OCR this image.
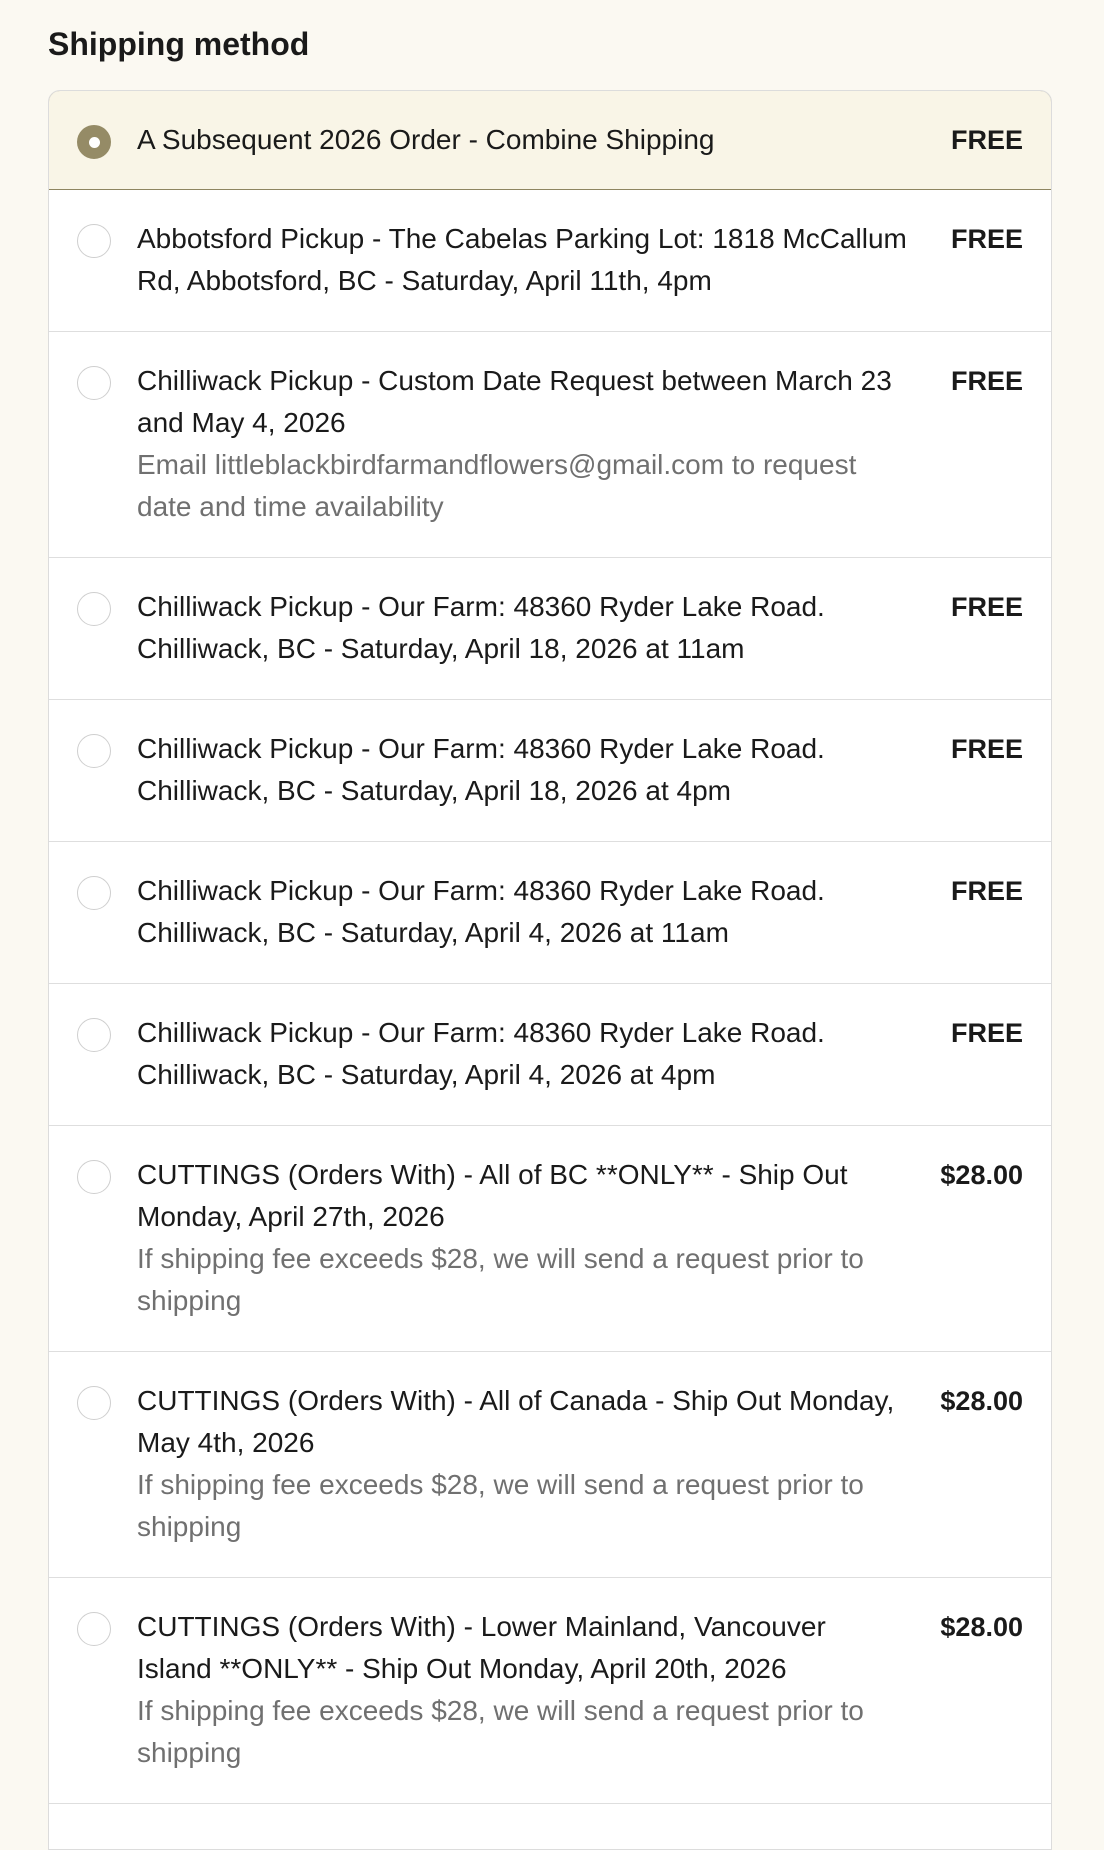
Shipping method
A Subsequent 2026 Order - Combine Shipping	FREE
Abbotsford Pickup - The Cabelas Parking Lot: 1818 McCallum Rd, Abbotsford, BC - Saturday, April 11th, 4pm
FREE
Chilliwack Pickup - Custom Date Request between March 23 and May 4, 2026
Email littleblackbirdfarmandflowers@gmail.com to request date and time availability
FREE
Chilliwack Pickup - Our Farm: 48360 Ryder Lake Road. Chilliwack, BC - Saturday, April 18, 2026 at 11am
FREE
Chilliwack Pickup - Our Farm: 48360 Ryder Lake Road. Chilliwack, BC - Saturday, April 18, 2026 at 4pm
FREE
Chilliwack Pickup - Our Farm: 48360 Ryder Lake Road. Chilliwack, BC - Saturday, April 4, 2026 at 11am
FREE
Chilliwack Pickup - Our Farm: 48360 Ryder Lake Road. Chilliwack, BC - Saturday, April 4, 2026 at 4pm
FREE
CUTTINGS (Orders With) - All of BC **ONLY** - Ship Out Monday, April 27th, 2026
If shipping fee exceeds $28, we will send a request prior to shipping
$28.00
CUTTINGS (Orders With) - All of Canada - Ship Out Monday, May 4th, 2026
If shipping fee exceeds $28, we will send a request prior to shipping
$28.00
CUTTINGS (Orders With) - Lower Mainland, Vancouver Island **ONLY** - Ship Out Monday, April 20th, 2026
If shipping fee exceeds $28, we will send a request prior to shipping
$28.00
